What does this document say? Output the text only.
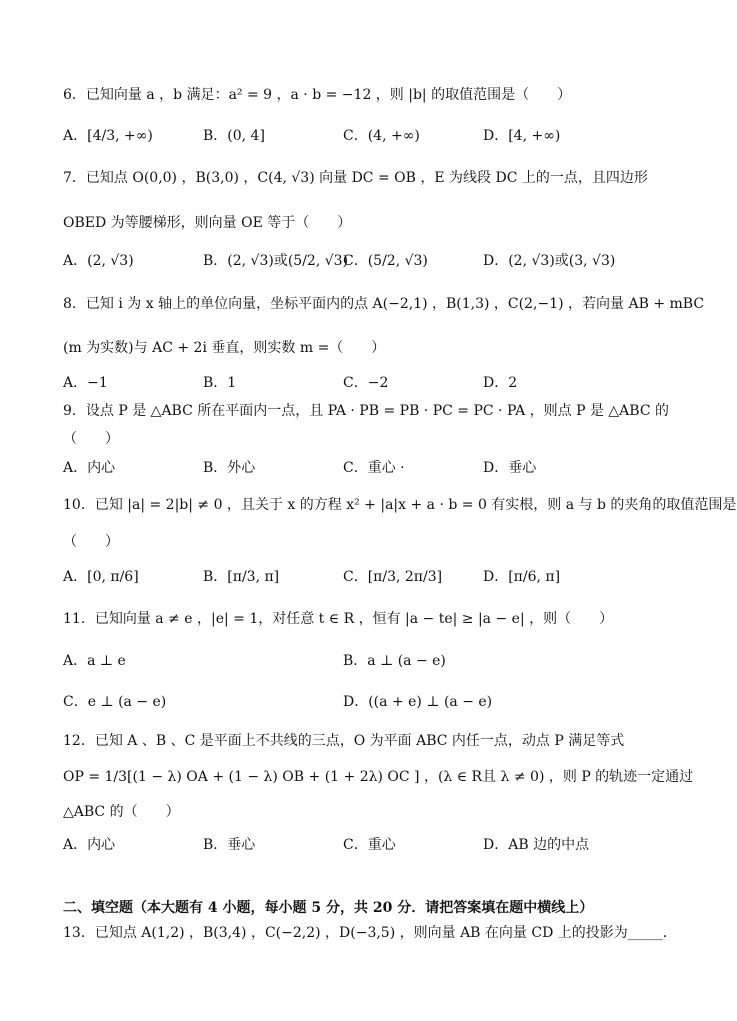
6．已知向量 a ，b 满足：a² = 9 ，a · b = −12 ，则 |b| 的取值范围是（　　）
A．[4/3, +∞)	B．(0, 4]	C．(4, +∞)	D．[4, +∞)
7．已知点 O(0,0) ，B(3,0) ，C(4, √3) 向量 DC = OB ，E 为线段 DC 上的一点，且四边形
OBED 为等腰梯形，则向量 OE 等于（　　）
A．(2, √3)	B．(2, √3)或(5/2, √3)
C．(5/2, √3)	D．(2, √3)或(3, √3)
8．已知 i 为 x 轴上的单位向量，坐标平面内的点 A(−2,1) ，B(1,3) ，C(2,−1) ，若向量 AB + mBC
(m 为实数)与 AC + 2i 垂直，则实数 m =（　　）
A．−1	B．1	C．−2	D．2
9．设点 P 是 △ABC 所在平面内一点，且 PA · PB = PB · PC = PC · PA ，则点 P 是 △ABC 的
（　　）
A．内心	B．外心	C．重心 ·	D．垂心
10．已知 |a| = 2|b| ≠ 0 ，且关于 x 的方程 x² + |a|x + a · b = 0 有实根，则 a 与 b 的夹角的取值范围是
（　　）
A．[0, π/6]	B．[π/3, π]	C．[π/3, 2π/3]	D．[π/6, π]
11．已知向量 a ≠ e ，|e| = 1，对任意 t ∈ R ，恒有 |a − te| ≥ |a − e| ，则（　　）
A．a ⊥ e	B．a ⊥ (a − e)
C．e ⊥ (a − e)	D．((a + e) ⊥ (a − e)
12．已知 A 、B 、C 是平面上不共线的三点，O 为平面 ABC 内任一点，动点 P 满足等式
OP = 1/3[(1 − λ) OA + (1 − λ) OB + (1 + 2λ) OC ] ，(λ ∈ R且 λ ≠ 0) ，则 P 的轨迹一定通过
△ABC 的（　　）
A．内心	B．垂心	C．重心	D．AB 边的中点
二、填空题（本大题有 4 小题，每小题 5 分，共 20 分．请把答案填在题中横线上）
13．已知点 A(1,2) ，B(3,4) ，C(−2,2) ，D(−3,5) ，则向量 AB 在向量 CD 上的投影为_____．
